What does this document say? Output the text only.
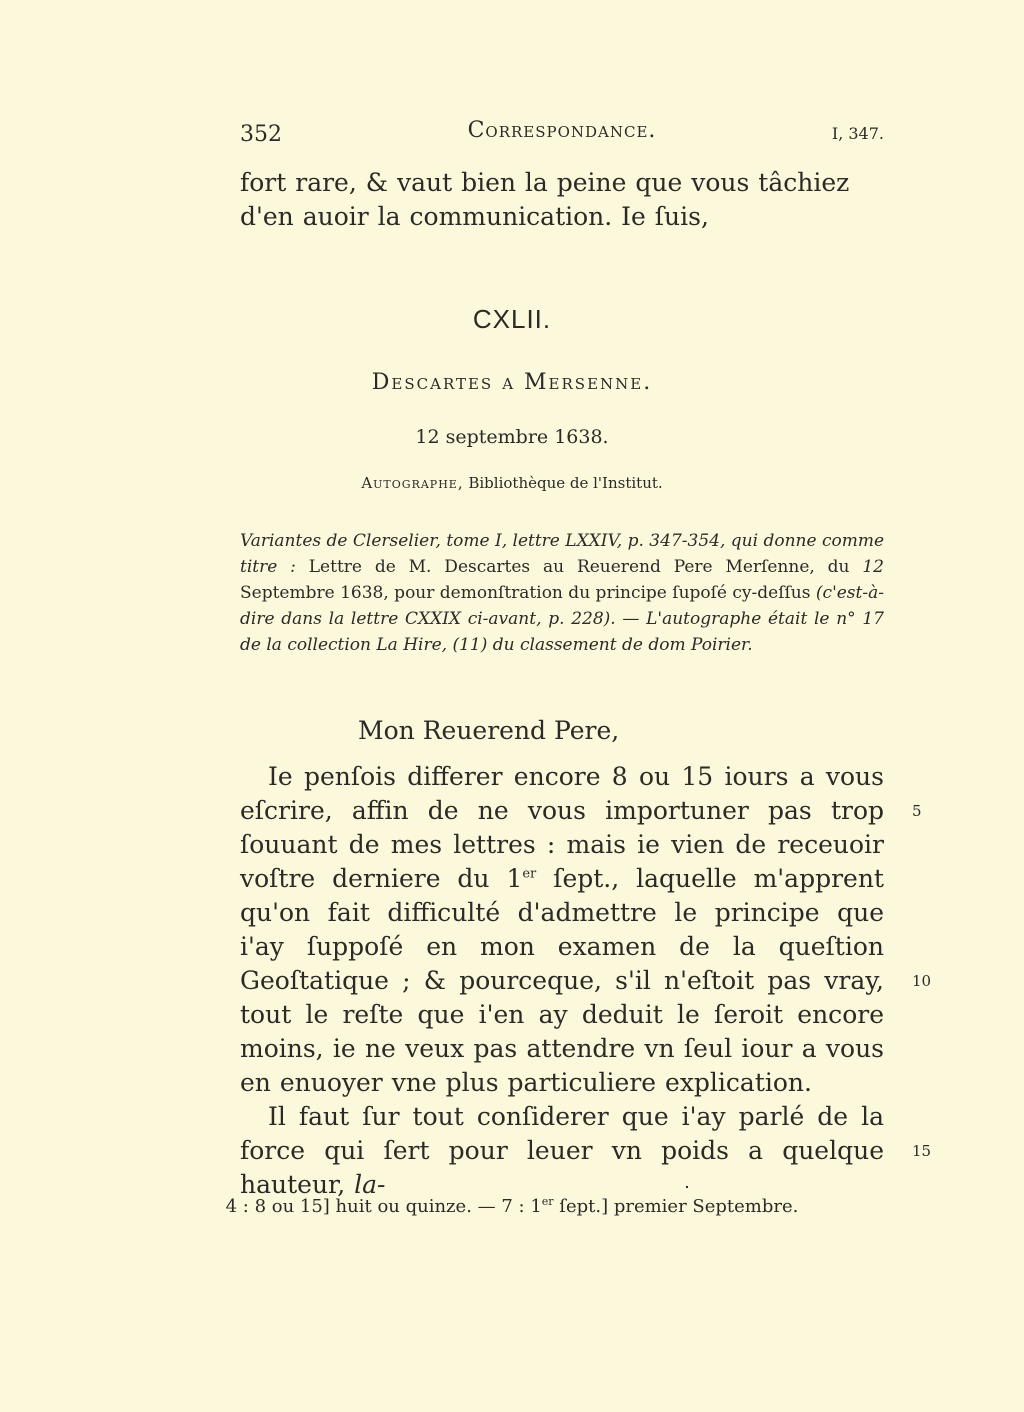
352	Correspondance.	I, 347.
fort rare, & vaut bien la peine que vous tâchiez d'en auoir la communication. Ie ſuis,
CXLII.
Descartes a Mersenne.
12 septembre 1638.
Autographe, Bibliothèque de l'Institut.
Variantes de Clerselier, tome I, lettre LXXIV, p. 347-354, qui donne comme titre : Lettre de M. Descartes au Reuerend Pere Merſenne, du 12 Septembre 1638, pour demonſtration du principe ſupoſé cy-deſſus (c'est-à-dire dans la lettre CXXIX ci-avant, p. 228). — L'autographe était le n° 17 de la collection La Hire, (11) du classement de dom Poirier.
Mon Reuerend Pere,

Ie penſois differer encore 8 ou 15 iours a vous eſcrire, affin de ne vous importuner pas trop ſouuant de mes lettres : mais ie vien de receuoir voſtre derniere du 1er ſept., laquelle m'apprent qu'on fait difficulté d'admettre le principe que i'ay ſuppoſé en mon examen de la queſtion Geoſtatique ; & pourceque, s'il n'eſtoit pas vray, tout le reſte que i'en ay deduit le ſeroit encore moins, ie ne veux pas attendre vn ſeul iour a vous en enuoyer vne plus particuliere explication.

Il faut ſur tout conſiderer que i'ay parlé de la force qui ſert pour leuer vn poids a quelque hauteur, la-

5
10
15
4 : 8 ou 15] huit ou quinze. — 7 : 1er ſept.] premier Septembre.
